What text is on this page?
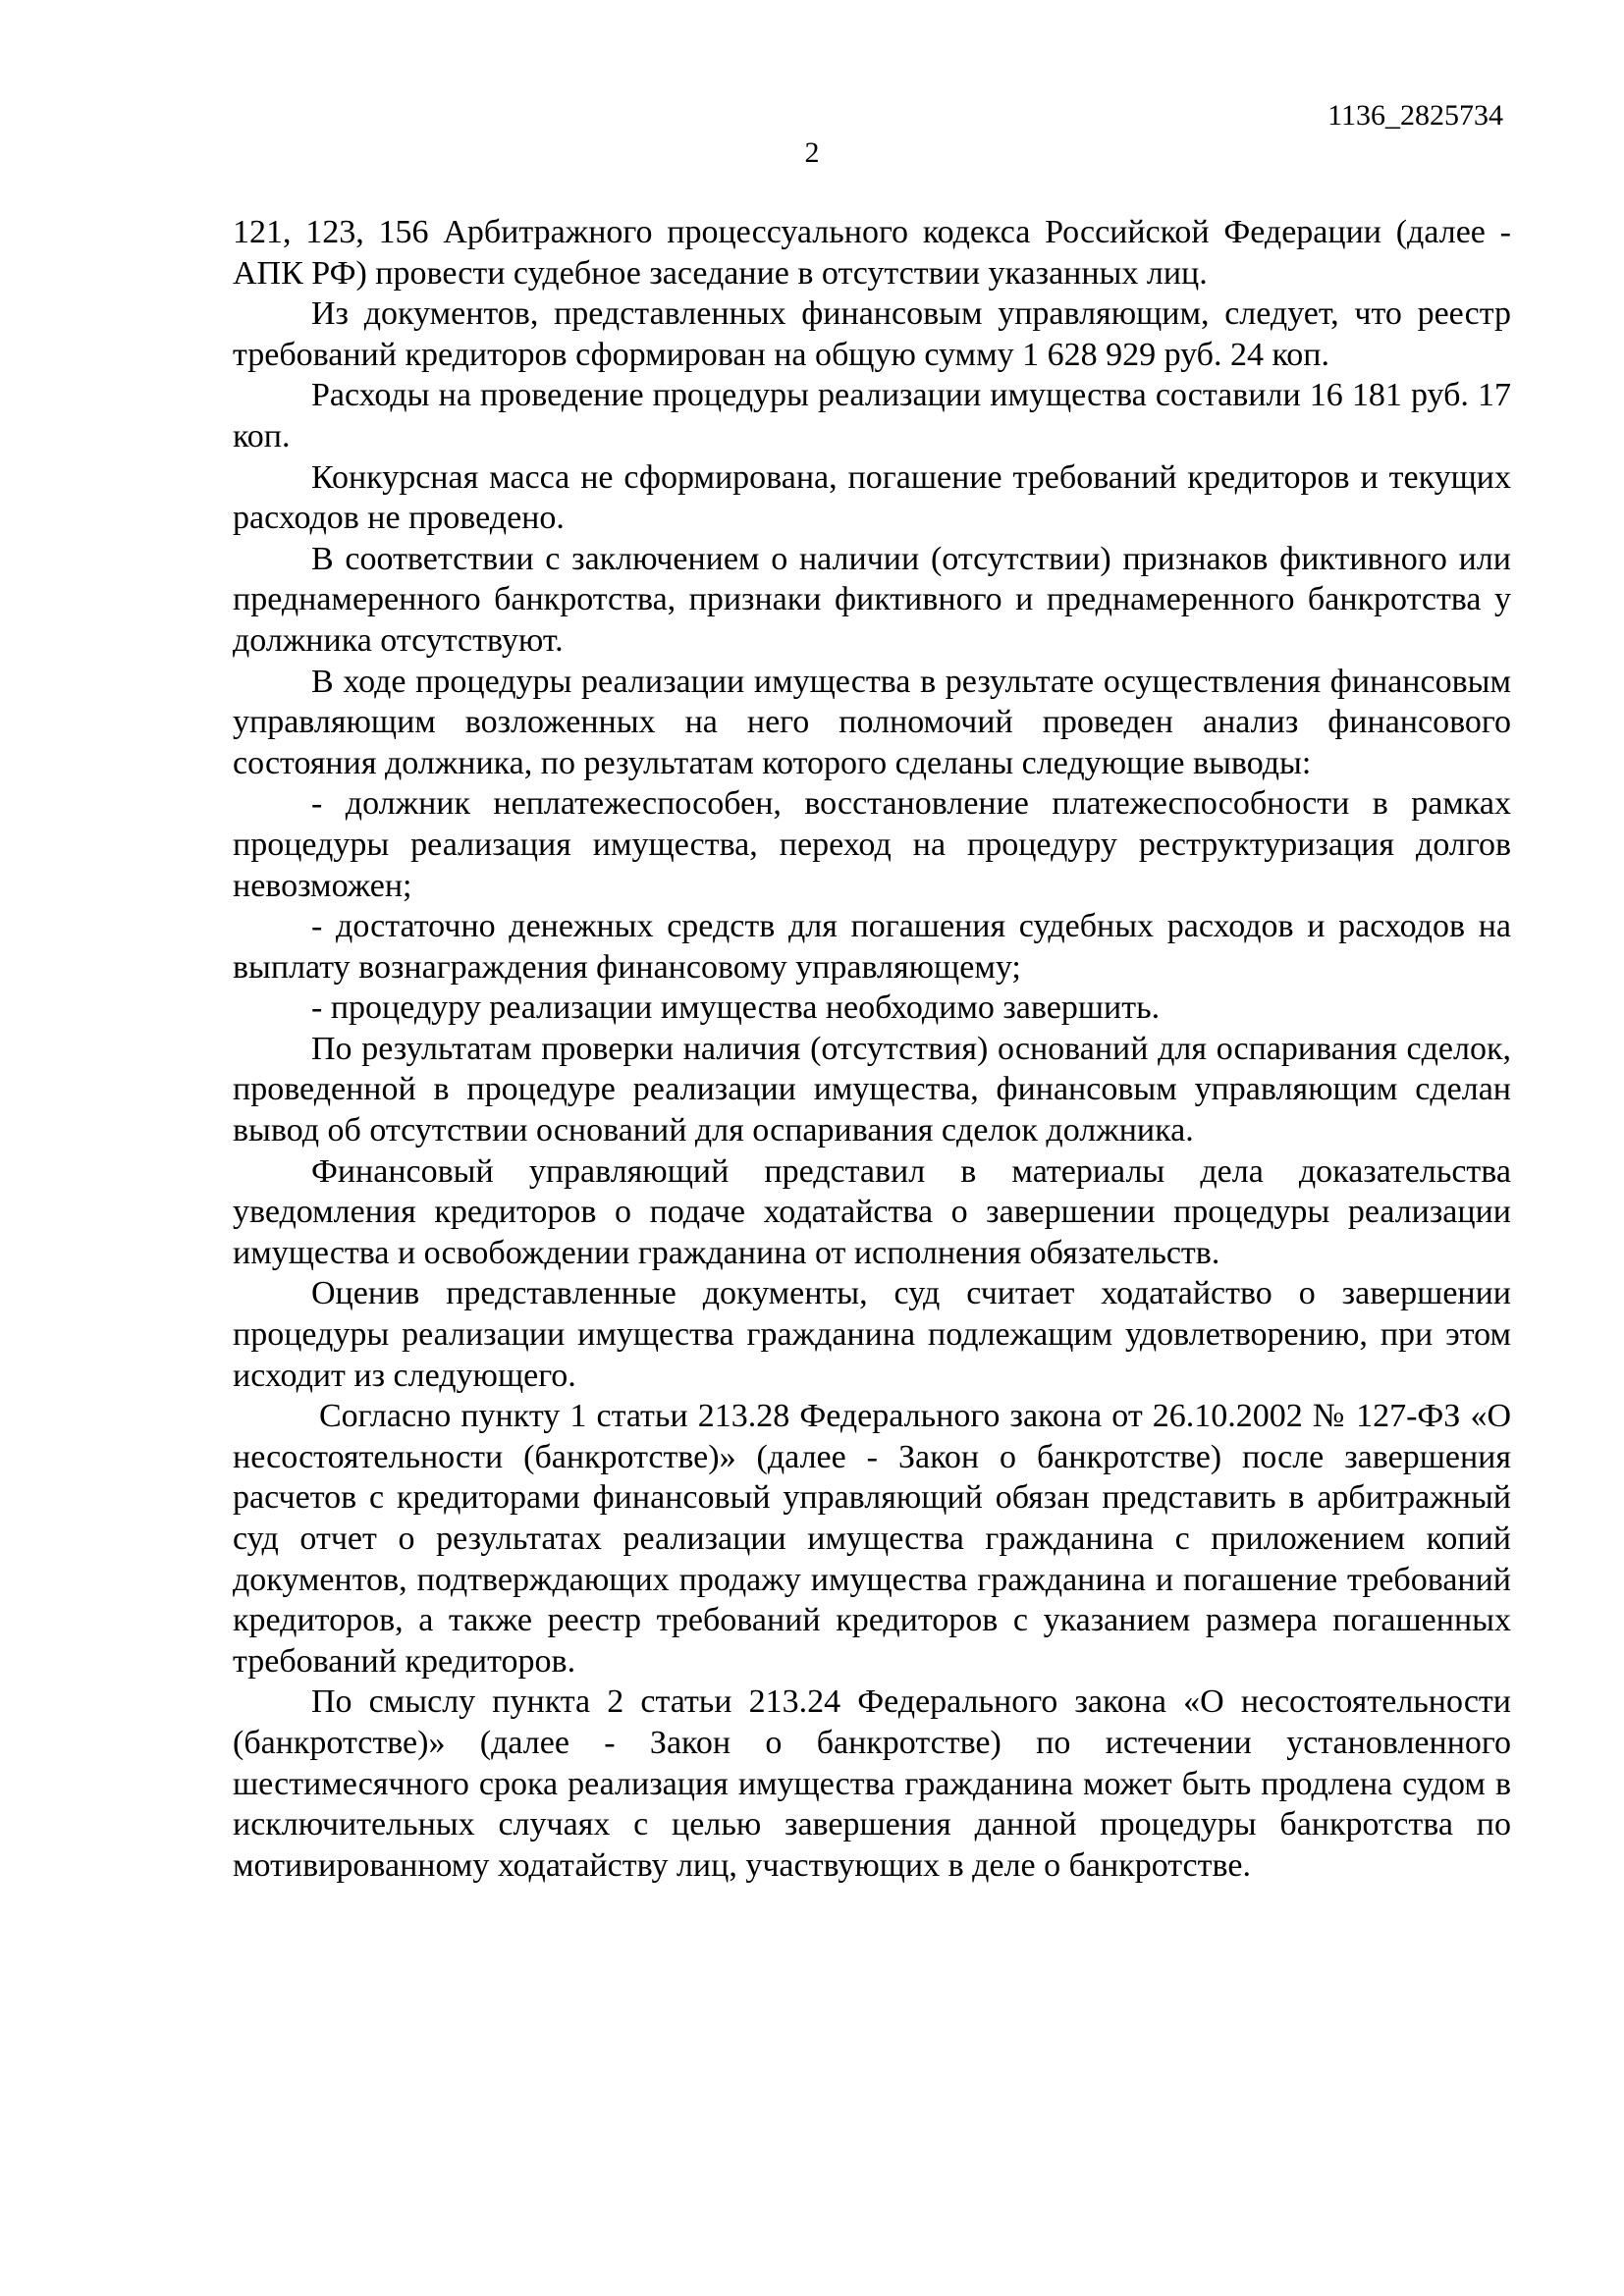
1136_2825734
2

121, 123, 156 Арбитражного процессуального кодекса Российской Федерации (далее - АПК РФ) провести судебное заседание в отсутствии указанных лиц.

Из документов, представленных финансовым управляющим, следует, что реестр требований кредиторов сформирован на общую сумму 1 628 929 руб. 24 коп.

Расходы на проведение процедуры реализации имущества составили 16 181 руб. 17 коп.

Конкурсная масса не сформирована, погашение требований кредиторов и текущих расходов не проведено.

В соответствии с заключением о наличии (отсутствии) признаков фиктивного или преднамеренного банкротства, признаки фиктивного и преднамеренного банкротства у должника отсутствуют.

В ходе процедуры реализации имущества в результате осуществления финансовым управляющим возложенных на него полномочий проведен анализ финансового состояния должника, по результатам которого сделаны следующие выводы:

- должник неплатежеспособен, восстановление платежеспособности в рамках процедуры реализация имущества, переход на процедуру реструктуризация долгов невозможен;

- достаточно денежных средств для погашения судебных расходов и расходов на выплату вознаграждения финансовому управляющему;

- процедуру реализации имущества необходимо завершить.

По результатам проверки наличия (отсутствия) оснований для оспаривания сделок, проведенной в процедуре реализации имущества, финансовым управляющим сделан вывод об отсутствии оснований для оспаривания сделок должника.

Финансовый управляющий представил в материалы дела доказательства уведомления кредиторов о подаче ходатайства о завершении процедуры реализации имущества и освобождении гражданина от исполнения обязательств.

Оценив представленные документы, суд считает ходатайство о завершении процедуры реализации имущества гражданина подлежащим удовлетворению, при этом исходит из следующего.

Согласно пункту 1 статьи 213.28 Федерального закона от 26.10.2002 № 127-ФЗ «О несостоятельности (банкротстве)» (далее - Закон о банкротстве) после завершения расчетов с кредиторами финансовый управляющий обязан представить в арбитражный суд отчет о результатах реализации имущества гражданина с приложением копий документов, подтверждающих продажу имущества гражданина и погашение требований кредиторов, а также реестр требований кредиторов с указанием размера погашенных требований кредиторов.

По смыслу пункта 2 статьи 213.24 Федерального закона «О несостоятельности (банкротстве)» (далее - Закон о банкротстве) по истечении установленного шестимесячного срока реализация имущества гражданина может быть продлена судом в исключительных случаях с целью завершения данной процедуры банкротства по мотивированному ходатайству лиц, участвующих в деле о банкротстве.
